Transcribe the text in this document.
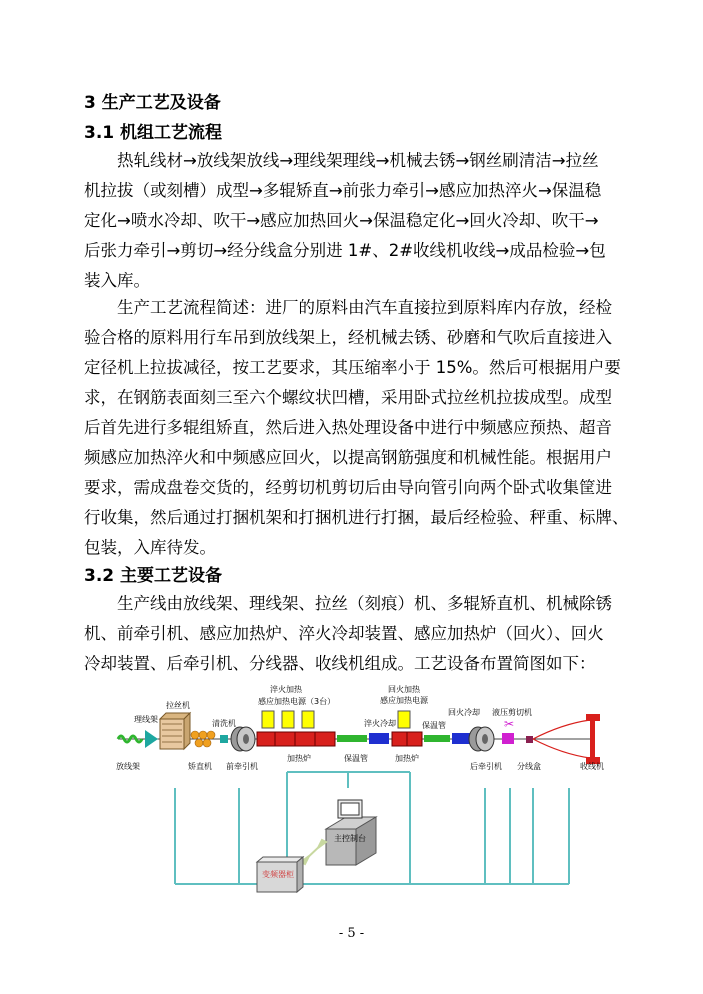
3 生产工艺及设备
3.1 机组工艺流程
热轧线材→放线架放线→理线架理线→机械去锈→钢丝刷清洁→拉丝
机拉拔（或刻槽）成型→多辊矫直→前张力牵引→感应加热淬火→保温稳
定化→喷水冷却、吹干→感应加热回火→保温稳定化→回火冷却、吹干→
后张力牵引→剪切→经分线盒分别进 1#、2#收线机收线→成品检验→包
装入库。
生产工艺流程简述：进厂的原料由汽车直接拉到原料库内存放，经检
验合格的原料用行车吊到放线架上，经机械去锈、砂磨和气吹后直接进入
定径机上拉拔减径，按工艺要求，其压缩率小于 15%。然后可根据用户要
求，在钢筋表面刻三至六个螺纹状凹槽，采用卧式拉丝机拉拔成型。成型
后首先进行多辊组矫直，然后进入热处理设备中进行中频感应预热、超音
频感应加热淬火和中频感应回火，以提高钢筋强度和机械性能。根据用户
要求，需成盘卷交货的，经剪切机剪切后由导向管引向两个卧式收集筐进
行收集，然后通过打捆机架和打捆机进行打捆，最后经检验、秤重、标牌、
包装，入库待发。
3.2 主要工艺设备
生产线由放线架、理线架、拉丝（刻痕）机、多辊矫直机、机械除锈
机、前牵引机、感应加热炉、淬火冷却装置、感应加热炉（回火）、回火
冷却装置、后牵引机、分线器、收线机组成。工艺设备布置简图如下：
✂
淬火加热
感应加热电源（3台）
回火加热
感应加热电源
理线架
拉丝机
清洗机	淬火冷却	保温管
回火冷却 液压剪切机
放线架	矫直机 前牵引机
加热炉	保温管	加热炉
后牵引机 分线盒	收线机
主控制台
变频器柜
- 5 -
